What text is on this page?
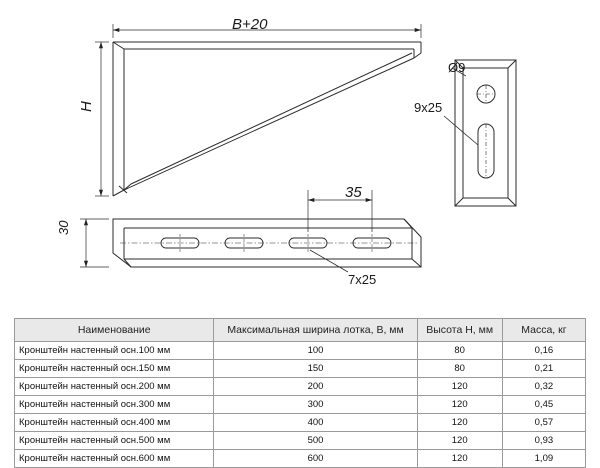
B+20
H
30
35
Ø9
9x25
7x25
Наименование	Максимальная ширина лотка, B, мм	Высота H, мм	Масса, кг
Кронштейн настенный осн.100 мм	100	80	0,16
Кронштейн настенный осн.150 мм	150	80	0,21
Кронштейн настенный осн.200 мм	200	120	0,32
Кронштейн настенный осн.300 мм	300	120	0,45
Кронштейн настенный осн.400 мм	400	120	0,57
Кронштейн настенный осн.500 мм	500	120	0,93
Кронштейн настенный осн.600 мм	600	120	1,09
